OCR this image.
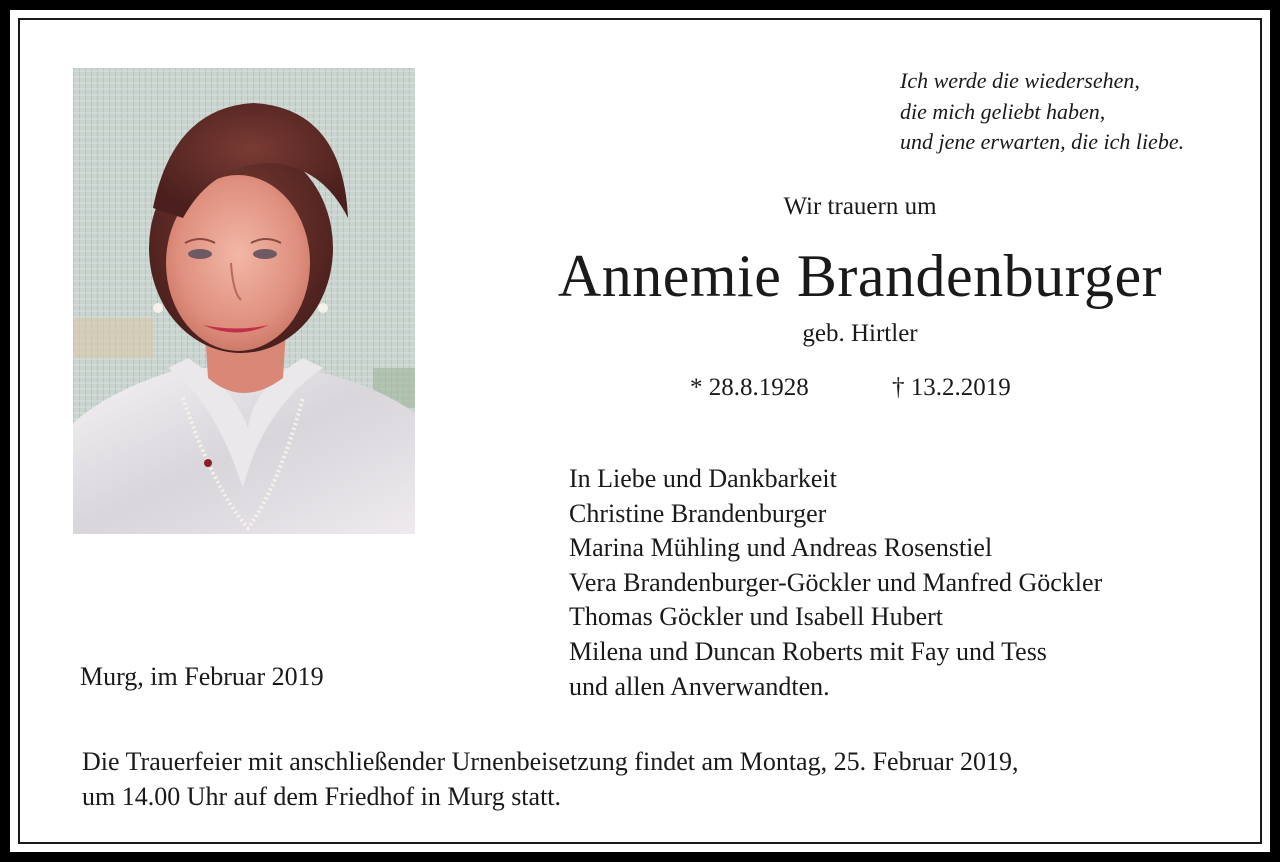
Ich werde die wiedersehen,
die mich geliebt haben,
und jene erwarten, die ich liebe.
Wir trauern um
Annemie Brandenburger
geb. Hirtler
* 28.8.1928	† 13.2.2019
In Liebe und Dankbarkeit
Christine Brandenburger
Marina Mühling und Andreas Rosenstiel
Vera Brandenburger-Göckler und Manfred Göckler
Thomas Göckler und Isabell Hubert
Milena und Duncan Roberts mit Fay und Tess
und allen Anverwandten.
Murg, im Februar 2019
Die Trauerfeier mit anschließender Urnenbeisetzung findet am Montag, 25. Februar 2019,
um 14.00 Uhr auf dem Friedhof in Murg statt.
